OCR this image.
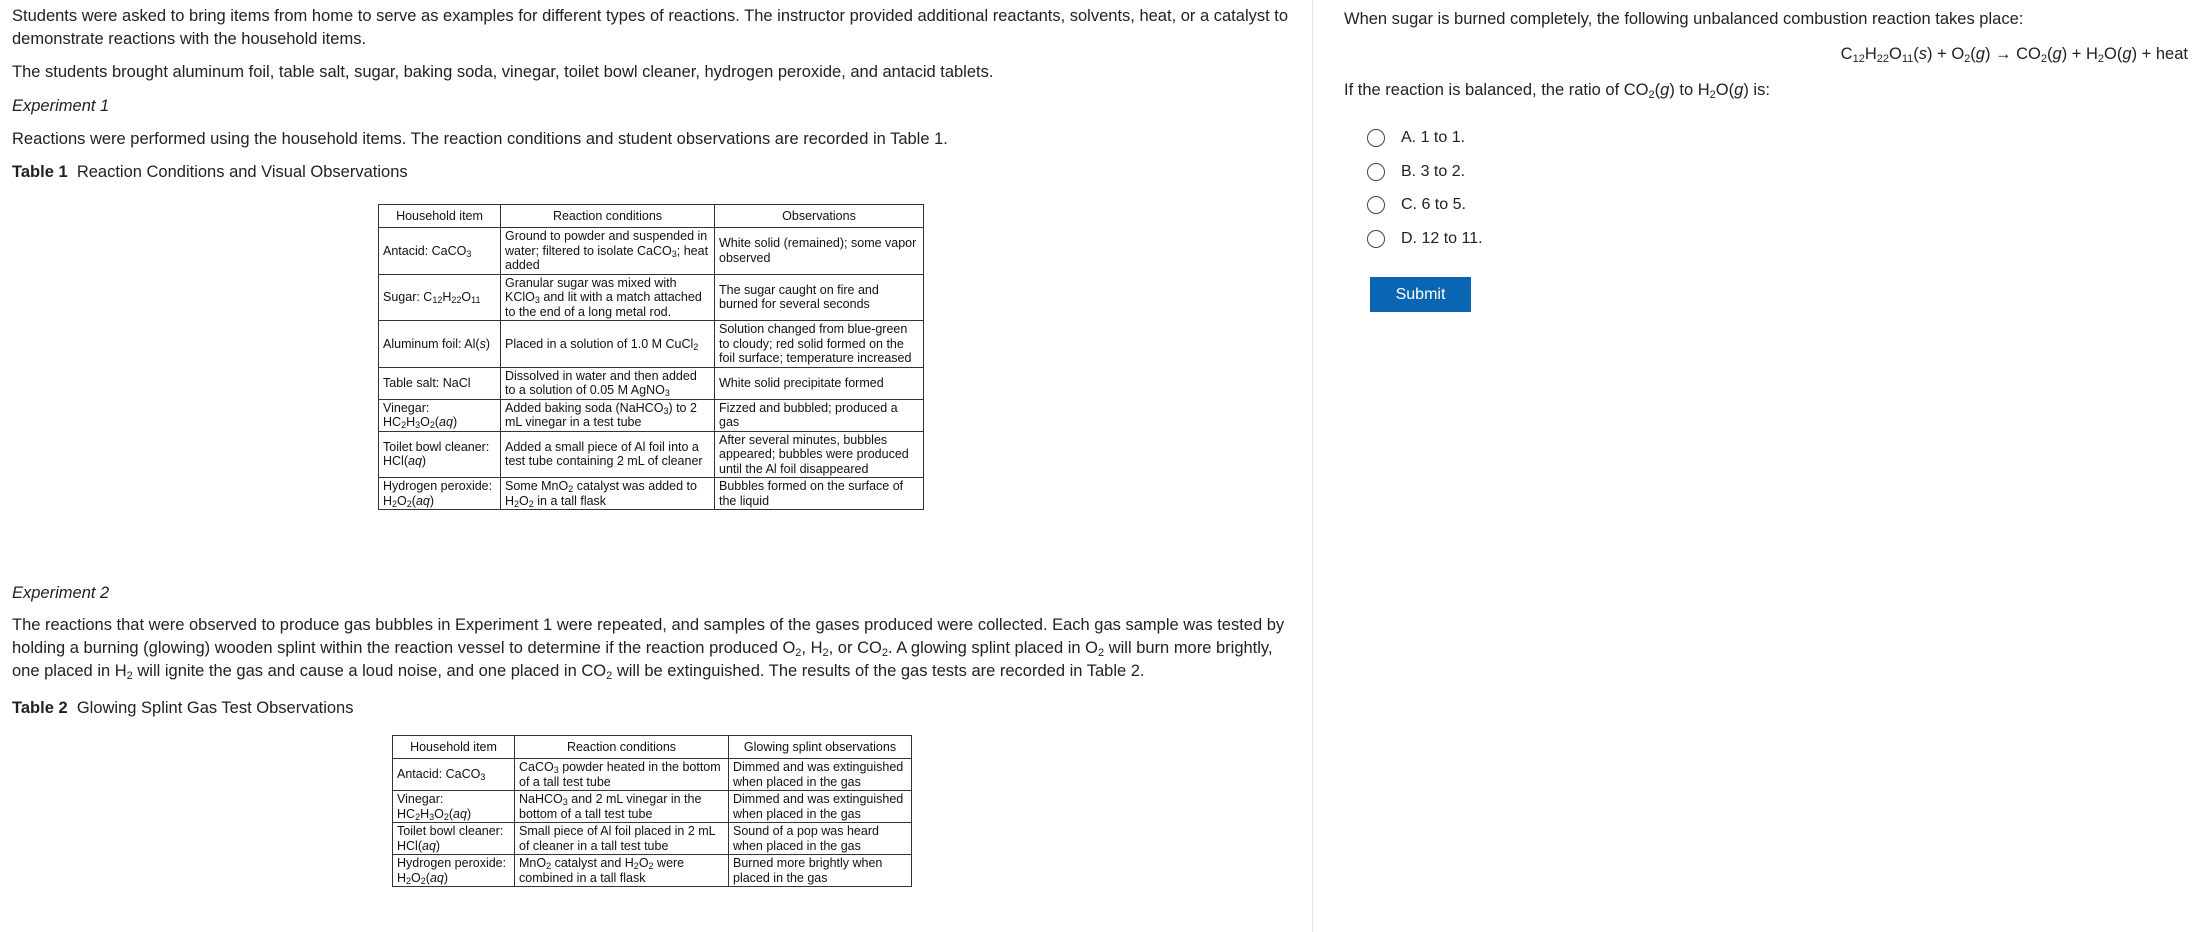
Students were asked to bring items from home to serve as examples for different types of reactions. The instructor provided additional reactants, solvents, heat, or a catalyst to demonstrate reactions with the household items.

The students brought aluminum foil, table salt, sugar, baking soda, vinegar, toilet bowl cleaner, hydrogen peroxide, and antacid tablets.

Experiment 1

Reactions were performed using the household items. The reaction conditions and student observations are recorded in Table 1.

Table 1 Reaction Conditions and Visual Observations

Household item	Reaction conditions	Observations
Antacid: CaCO$_3$	Ground to powder and suspended in water; filtered to isolate CaCO$_3$; heat added	White solid (remained); some vapor observed
Sugar: $C_{12}H_{22}O_{11}$	Granular sugar was mixed with KClO$_3$ and lit with a match attached to the end of a long metal rod.	The sugar caught on fire and burned for several seconds
Aluminum foil: Al(s)	Placed in a solution of 1.0 M CuCl$_2$	Solution changed from blue-green to cloudy; red solid formed on the foil surface; temperature increased
Table salt: NaCl	Dissolved in water and then added to a solution of 0.05 M AgNO$_3$	White solid precipitate formed
Vinegar:
$HC_2H_3O_2(aq)$	Added baking soda (NaHCO$_3$) to 2 mL vinegar in a test tube	Fizzed and bubbled; produced a gas
Toilet bowl cleaner:
HCl(aq)	Added a small piece of Al foil into a test tube containing 2 mL of cleaner	After several minutes, bubbles appeared; bubbles were produced until the Al foil disappeared
Hydrogen peroxide:
$H_2O_2(aq)$	Some MnO$_2$ catalyst was added to $H_2O_2$ in a tall flask	Bubbles formed on the surface of the liquid

Experiment 2

The reactions that were observed to produce gas bubbles in Experiment 1 were repeated, and samples of the gases produced were collected. Each gas sample was tested by holding a burning (glowing) wooden splint within the reaction vessel to determine if the reaction produced $O_2$, $H_2$, or $CO_2$. A glowing splint placed in $O_2$ will burn more brightly, one placed in $H_2$ will ignite the gas and cause a loud noise, and one placed in $CO_2$ will be extinguished. The results of the gas tests are recorded in Table 2.

Table 2 Glowing Splint Gas Test Observations

Household item	Reaction conditions	Glowing splint observations
Antacid: CaCO$_3$	CaCO$_3$ powder heated in the bottom of a tall test tube	Dimmed and was extinguished when placed in the gas
Vinegar:
$HC_2H_3O_2(aq)$	NaHCO$_3$ and 2 mL vinegar in the bottom of a tall test tube	Dimmed and was extinguished when placed in the gas
Toilet bowl cleaner:
HCl(aq)	Small piece of Al foil placed in 2 mL of cleaner in a tall test tube	Sound of a pop was heard when placed in the gas
Hydrogen peroxide:
$H_2O_2(aq)$	MnO$_2$ catalyst and $H_2O_2$ were combined in a tall flask	Burned more brightly when placed in the gas

When sugar is burned completely, the following unbalanced combustion reaction takes place:

$C_{12}H_{22}O_{11}(s) + O_2(g) \to CO_2(g) + H_2O(g)$ + heat

If the reaction is balanced, the ratio of $CO_2(g)$ to $H_2O(g)$ is:

A.
1 to 1.
B.
3 to 2.
C.
6 to 5.
D.
12 to 11.
Submit
